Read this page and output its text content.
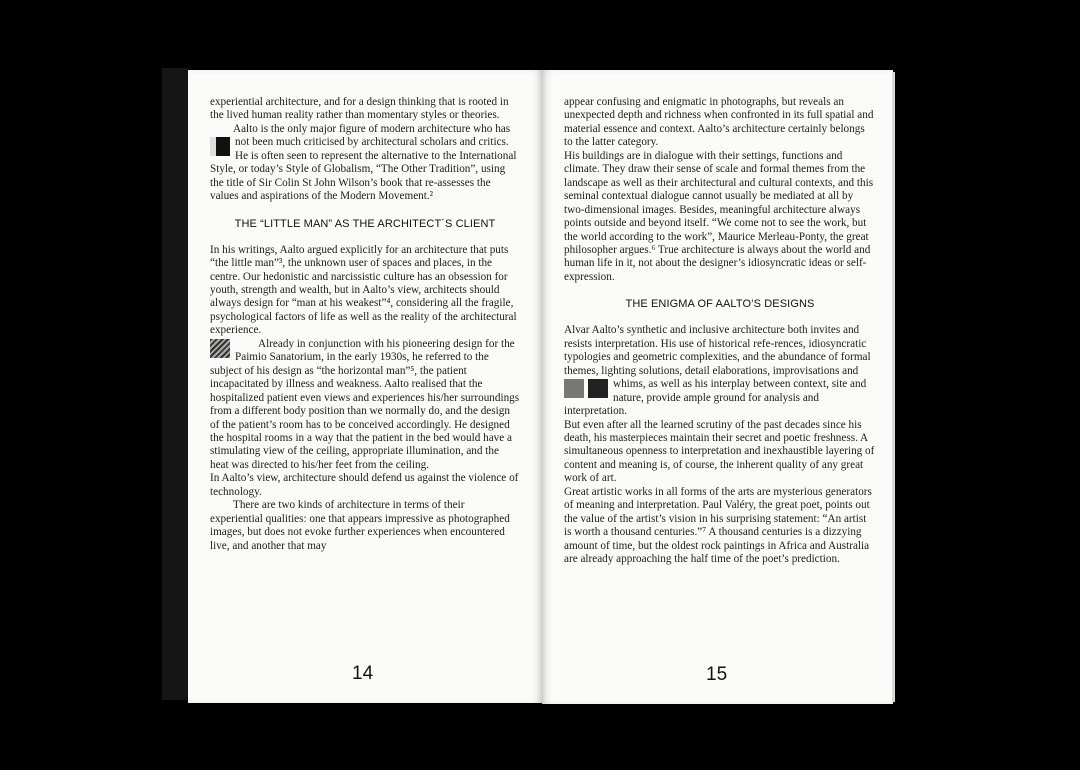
experiential architecture, and for a design thinking that is rooted in the lived human reality rather than momentary styles or theories.

Aalto is the only major figure of modern architecture who has not been much criticised by architectural scholars and critics. He is often seen to represent the alternative to the International Style, or today’s Style of Globalism, “The Other Tradition”, using the title of Sir Colin St John Wilson’s book that re-assesses the values and aspirations of the Modern Movement.²

THE “LITTLE MAN” AS THE ARCHITECT´S CLIENT

In his writings, Aalto argued explicitly for an architecture that puts “the little man”³, the unknown user of spaces and places, in the centre. Our hedonistic and narcissistic culture has an obsession for youth, strength and wealth, but in Aalto’s view, architects should always design for “man at his weakest”⁴, considering all the fragile, psychological factors of life as well as the reality of the architectural experience.

Already in conjunction with his pioneering design for the Paimio Sanatorium, in the early 1930s, he referred to the subject of his design as “the horizontal man”⁵, the patient incapacitated by illness and weakness. Aalto realised that the hospitalized patient even views and experiences his/her surroundings from a different body position than we normally do, and the design of the patient’s room has to be conceived accordingly. He designed the hospital rooms in a way that the patient in the bed would have a stimulating view of the ceiling, appropriate illumination, and the heat was directed to his/her feet from the ceiling.

In Aalto’s view, architecture should defend us against the violence of technology.

There are two kinds of architecture in terms of their experiential qualities: one that appears impressive as photographed images, but does not evoke further experiences when encountered live, and another that may

14

appear confusing and enigmatic in photographs, but reveals an unexpected depth and richness when confronted in its full spatial and material essence and context. Aalto’s architecture certainly belongs to the latter category.

His buildings are in dialogue with their settings, functions and climate. They draw their sense of scale and formal themes from the landscape as well as their architectural and cultural contexts, and this seminal contextual dialogue cannot usually be mediated at all by two-dimensional images. Besides, meaningful architecture always points outside and beyond itself. “We come not to see the work, but the world according to the work”, Maurice Merleau-Ponty, the great philosopher argues.⁶ True architecture is always about the world and human life in it, not about the designer’s idiosyncratic ideas or self-expression.

THE ENIGMA OF AALTO’S DESIGNS

Alvar Aalto’s synthetic and inclusive architecture both invites and resists interpretation. His use of historical refe-rences, idiosyncratic typologies and geometric complexities, and the abundance of formal themes, lighting solutions, detail elaborations, improvisations and whims, as well as his interplay between context, site and nature, provide ample ground for analysis and interpretation.

But even after all the learned scrutiny of the past decades since his death, his masterpieces maintain their secret and poetic freshness. A simultaneous openness to interpretation and inexhaustible layering of content and meaning is, of course, the inherent quality of any great work of art.

Great artistic works in all forms of the arts are mysterious generators of meaning and interpretation. Paul Valéry, the great poet, points out the value of the artist’s vision in his surprising statement: “An artist is worth a thousand centuries.”⁷ A thousand centuries is a dizzying amount of time, but the oldest rock paintings in Africa and Australia are already approaching the half time of the poet’s prediction.

15
